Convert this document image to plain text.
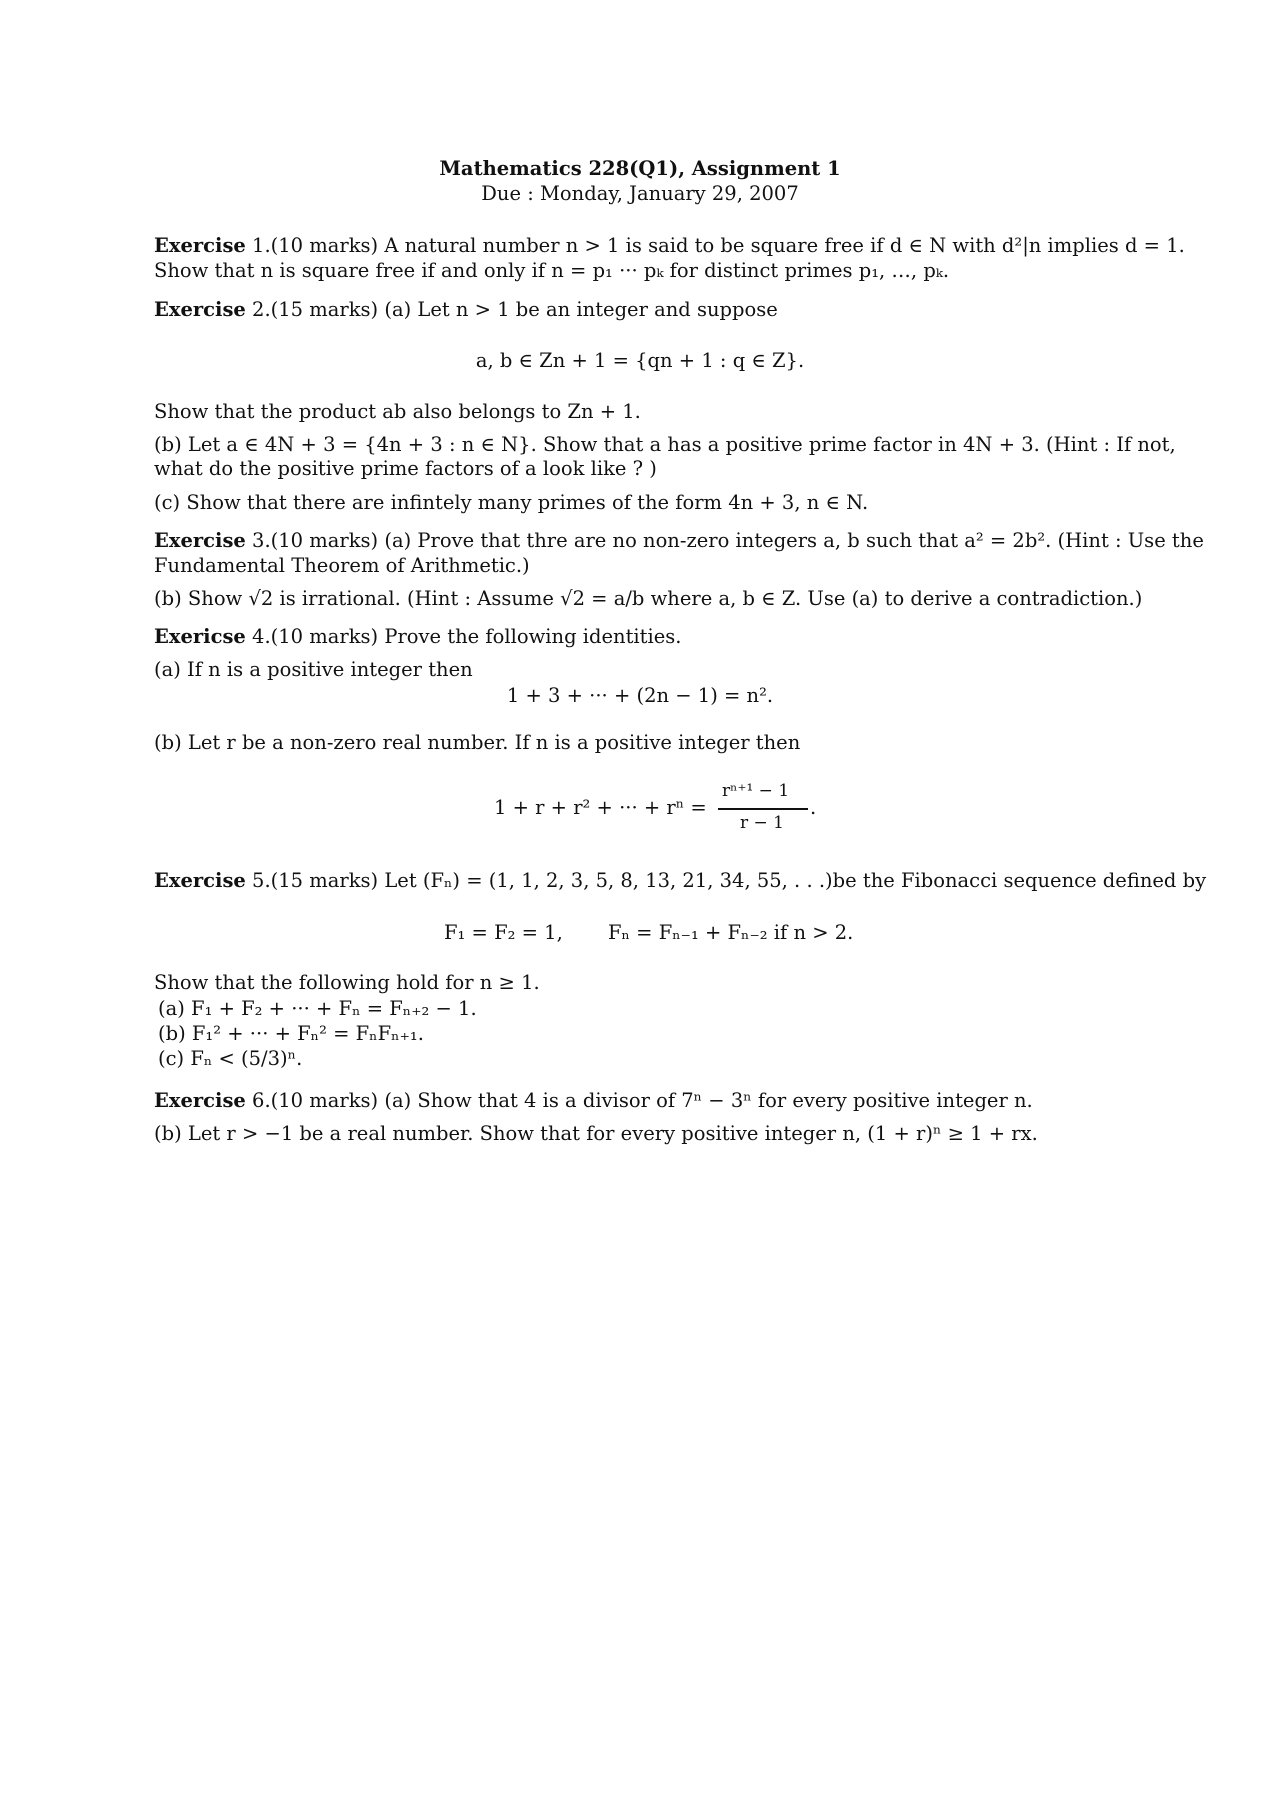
Mathematics 228(Q1), Assignment 1
Due : Monday, January 29, 2007
Exercise 1.(10 marks) A natural number n > 1 is said to be square free if d ∈ N with d²|n implies d = 1.
Show that n is square free if and only if n = p₁ ··· pₖ for distinct primes p₁, …, pₖ.
Exercise 2.(15 marks) (a) Let n > 1 be an integer and suppose
a, b ∈ Zn + 1 = {qn + 1 : q ∈ Z}.
Show that the product ab also belongs to Zn + 1.
(b) Let a ∈ 4N + 3 = {4n + 3 : n ∈ N}. Show that a has a positive prime factor in 4N + 3. (Hint : If not,
what do the positive prime factors of a look like ? )
(c) Show that there are infintely many primes of the form 4n + 3, n ∈ N.
Exercise 3.(10 marks) (a) Prove that thre are no non-zero integers a, b such that a² = 2b². (Hint : Use the
Fundamental Theorem of Arithmetic.)
(b) Show √2 is irrational. (Hint : Assume √2 = a/b where a, b ∈ Z. Use (a) to derive a contradiction.)
Exericse 4.(10 marks) Prove the following identities.
(a) If n is a positive integer then
1 + 3 + ··· + (2n − 1) = n².
(b) Let r be a non-zero real number. If n is a positive integer then
1 + r + r² + ··· + rⁿ =
rⁿ⁺¹ − 1
r − 1
.
Exercise 5.(15 marks) Let (Fₙ) = (1, 1, 2, 3, 5, 8, 13, 21, 34, 55, . . .)be the Fibonacci sequence defined by
F₁ = F₂ = 1, Fₙ = Fₙ₋₁ + Fₙ₋₂ if n > 2.
Show that the following hold for n ≥ 1.
(a) F₁ + F₂ + ··· + Fₙ = Fₙ₊₂ − 1.
(b) F₁² + ··· + Fₙ² = FₙFₙ₊₁.
(c) Fₙ < (5/3)ⁿ.
Exercise 6.(10 marks) (a) Show that 4 is a divisor of 7ⁿ − 3ⁿ for every positive integer n.
(b) Let r > −1 be a real number. Show that for every positive integer n, (1 + r)ⁿ ≥ 1 + rx.
